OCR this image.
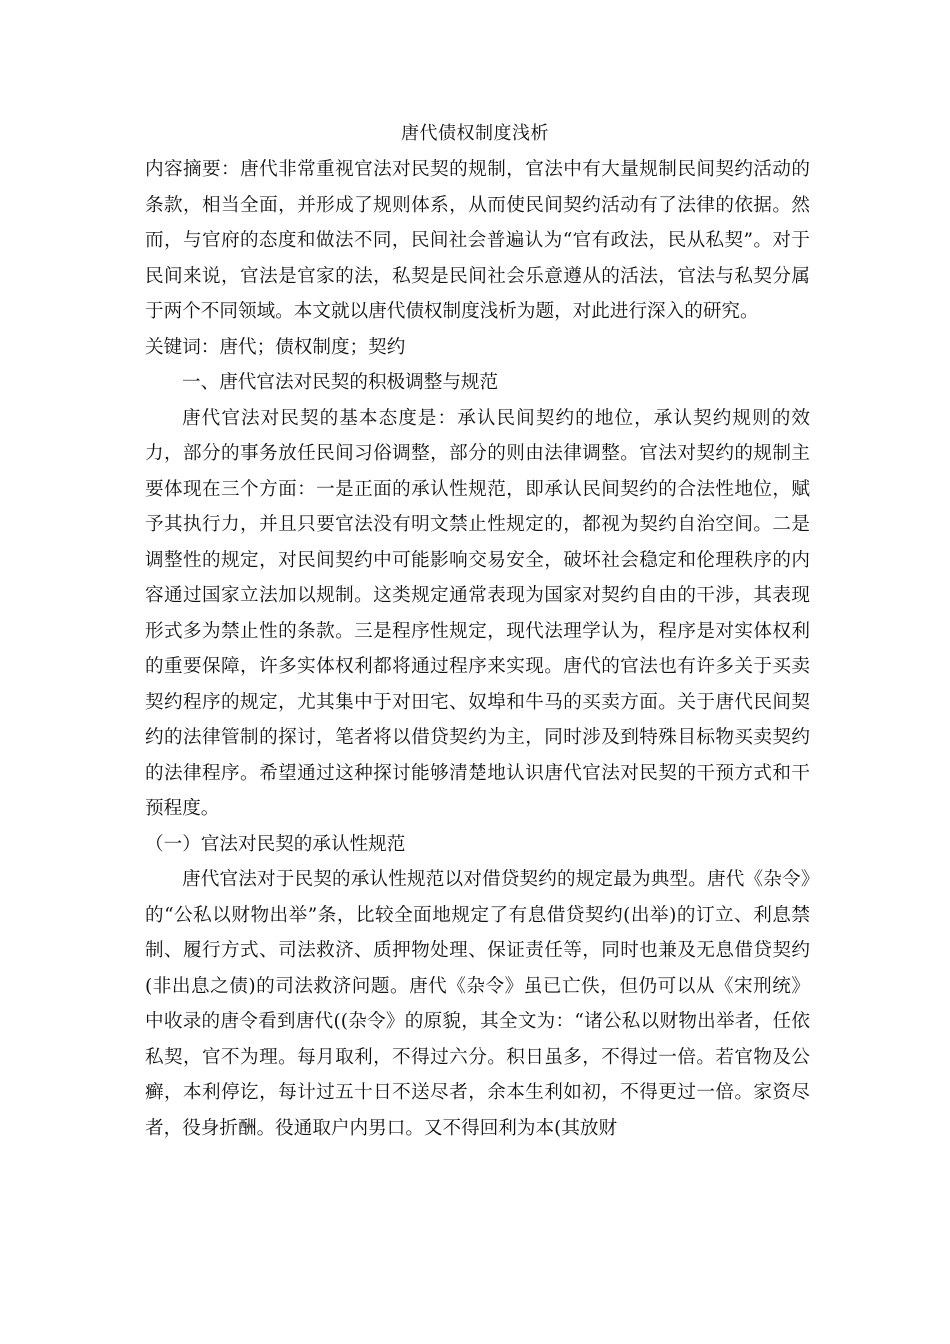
唐代债权制度浅析

内容摘要：唐代非常重视官法对民契的规制，官法中有大量规制民间契约活动的条款，相当全面，并形成了规则体系，从而使民间契约活动有了法律的依据。然而，与官府的态度和做法不同，民间社会普遍认为“官有政法，民从私契”。对于民间来说，官法是官家的法，私契是民间社会乐意遵从的活法，官法与私契分属于两个不同领域。本文就以唐代债权制度浅析为题，对此进行深入的研究。

关键词：唐代；债权制度；契约

一、唐代官法对民契的积极调整与规范

唐代官法对民契的基本态度是：承认民间契约的地位，承认契约规则的效力，部分的事务放任民间习俗调整，部分的则由法律调整。官法对契约的规制主要体现在三个方面：一是正面的承认性规范，即承认民间契约的合法性地位，赋予其执行力，并且只要官法没有明文禁止性规定的，都视为契约自治空间。二是调整性的规定，对民间契约中可能影响交易安全，破坏社会稳定和伦理秩序的内容通过国家立法加以规制。这类规定通常表现为国家对契约自由的干涉，其表现形式多为禁止性的条款。三是程序性规定，现代法理学认为，程序是对实体权利的重要保障，许多实体权利都将通过程序来实现。唐代的官法也有许多关于买卖契约程序的规定，尤其集中于对田宅、奴埠和牛马的买卖方面。关于唐代民间契约的法律管制的探讨，笔者将以借贷契约为主，同时涉及到特殊目标物买卖契约的法律程序。希望通过这种探讨能够清楚地认识唐代官法对民契的干预方式和干预程度。

（一）官法对民契的承认性规范

唐代官法对于民契的承认性规范以对借贷契约的规定最为典型。唐代《杂令》的“公私以财物出举”条，比较全面地规定了有息借贷契约(出举)的订立、利息禁制、履行方式、司法救济、质押物处理、保证责任等，同时也兼及无息借贷契约(非出息之债)的司法救济问题。唐代《杂令》虽已亡佚，但仍可以从《宋刑统》中收录的唐令看到唐代((杂令》的原貌，其全文为：“诸公私以财物出举者，任依私契，官不为理。每月取利，不得过六分。积日虽多，不得过一倍。若官物及公癣，本利停讫，每计过五十日不送尽者，余本生利如初，不得更过一倍。家资尽者，役身折酬。役通取户内男口。又不得回利为本(其放财
